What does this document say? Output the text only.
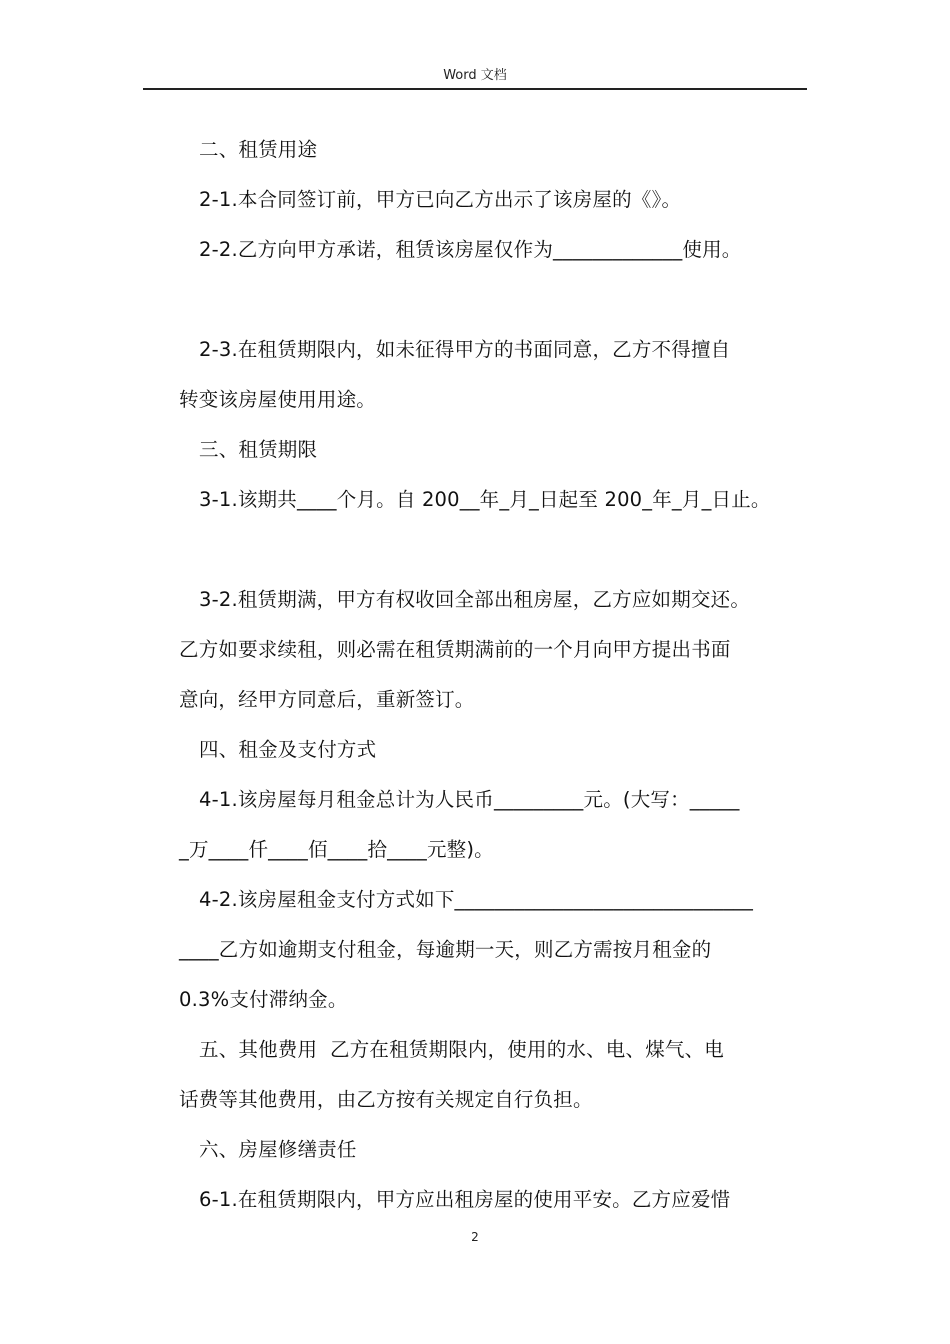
Word 文档
二、租赁用途
2-1.本合同签订前，甲方已向乙方出示了该房屋的《》。
2-2.乙方向甲方承诺，租赁该房屋仅作为_____________使用。
2-3.在租赁期限内，如未征得甲方的书面同意，乙方不得擅自
转变该房屋使用用途。
三、租赁期限
3-1.该期共____个月。自 200__年_月_日起至 200_年_月_日止。
3-2.租赁期满，甲方有权收回全部出租房屋，乙方应如期交还。
乙方如要求续租，则必需在租赁期满前的一个月向甲方提出书面
意向，经甲方同意后，重新签订。
四、租金及支付方式
4-1.该房屋每月租金总计为人民币_________元。(大写：_____
_万____仟____佰____拾____元整)。
4-2.该房屋租金支付方式如下______________________________
____乙方如逾期支付租金，每逾期一天，则乙方需按月租金的
0.3%支付滞纳金。
五、其他费用  乙方在租赁期限内，使用的水、电、煤气、电
话费等其他费用，由乙方按有关规定自行负担。
六、房屋修缮责任
6-1.在租赁期限内，甲方应出租房屋的使用平安。乙方应爱惜
2
